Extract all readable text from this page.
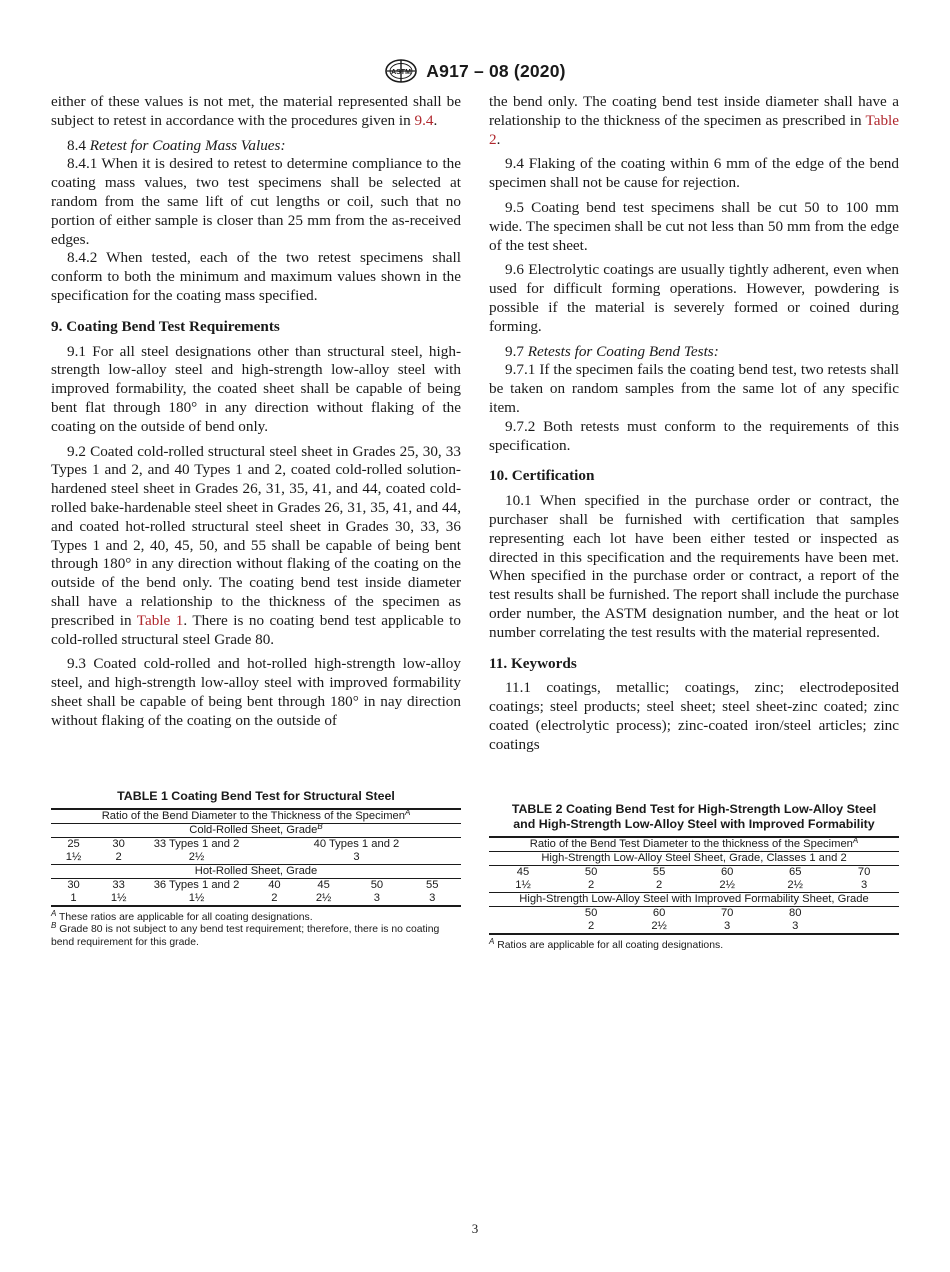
ASTM A917 – 08 (2020)

either of these values is not met, the material represented shall be subject to retest in accordance with the procedures given in 9.4.

8.4 Retest for Coating Mass Values:

8.4.1 When it is desired to retest to determine compliance to the coating mass values, two test specimens shall be selected at random from the same lift of cut lengths or coil, such that no portion of either sample is closer than 25 mm from the as-received edges.

8.4.2 When tested, each of the two retest specimens shall conform to both the minimum and maximum values shown in the specification for the coating mass specified.

9. Coating Bend Test Requirements

9.1 For all steel designations other than structural steel, high-strength low-alloy steel and high-strength low-alloy steel with improved formability, the coated sheet shall be capable of being bent flat through 180° in any direction without flaking of the coating on the outside of bend only.

9.2 Coated cold-rolled structural steel sheet in Grades 25, 30, 33 Types 1 and 2, and 40 Types 1 and 2, coated cold-rolled solution-hardened steel sheet in Grades 26, 31, 35, 41, and 44, coated cold-rolled bake-hardenable steel sheet in Grades 26, 31, 35, 41, and 44, and coated hot-rolled structural steel sheet in Grades 30, 33, 36 Types 1 and 2, 40, 45, 50, and 55 shall be capable of being bent through 180° in any direction without flaking of the coating on the outside of the bend only. The coating bend test inside diameter shall have a relationship to the thickness of the specimen as prescribed in Table 1. There is no coating bend test applicable to cold-rolled structural steel Grade 80.

9.3 Coated cold-rolled and hot-rolled high-strength low-alloy steel, and high-strength low-alloy steel with improved formability sheet shall be capable of being bent through 180° in nay direction without flaking of the coating on the outside of

the bend only. The coating bend test inside diameter shall have a relationship to the thickness of the specimen as prescribed in Table 2.

9.4 Flaking of the coating within 6 mm of the edge of the bend specimen shall not be cause for rejection.

9.5 Coating bend test specimens shall be cut 50 to 100 mm wide. The specimen shall be cut not less than 50 mm from the edge of the test sheet.

9.6 Electrolytic coatings are usually tightly adherent, even when used for difficult forming operations. However, powdering is possible if the material is severely formed or coined during forming.

9.7 Retests for Coating Bend Tests:

9.7.1 If the specimen fails the coating bend test, two retests shall be taken on random samples from the same lot of any specific item.

9.7.2 Both retests must conform to the requirements of this specification.

10. Certification

10.1 When specified in the purchase order or contract, the purchaser shall be furnished with certification that samples representing each lot have been either tested or inspected as directed in this specification and the requirements have been met. When specified in the purchase order or contract, a report of the test results shall be furnished. The report shall include the purchase order number, the ASTM designation number, and the heat or lot number correlating the test results with the material represented.

11. Keywords

11.1 coatings, metallic; coatings, zinc; electrodeposited coatings; steel products; steel sheet; steel sheet-zinc coated; zinc coated (electrolytic process); zinc-coated iron/steel articles; zinc coatings

TABLE 1 Coating Bend Test for Structural Steel
Ratio of the Bend Diameter to the Thickness of the Specimen$^A$
Cold-Rolled Sheet, Grade$^B$
25	30	33 Types 1 and 2	40 Types 1 and 2			
1½	2	2½	3			
Hot-Rolled Sheet, Grade						
30	33	36 Types 1 and 2	40	45	50	55
1	1½	1½	2	2½	3	3

$^A$ These ratios are applicable for all coating designations.

$^B$ Grade 80 is not subject to any bend test requirement; therefore, there is no coating bend requirement for this grade.

TABLE 2 Coating Bend Test for High-Strength Low-Alloy Steel
and High-Strength Low-Alloy Steel with Improved Formability
Ratio of the Bend Test Diameter to the thickness of the Specimen$^A$
High-Strength Low-Alloy Steel Sheet, Grade, Classes 1 and 2					
45	50	55	60	65	70
1½	2	2	2½	2½	3
High-Strength Low-Alloy Steel with Improved Formability Sheet, Grade					
	50	60	70	80	
	2	2½	3	3	

$^A$ Ratios are applicable for all coating designations.

3
